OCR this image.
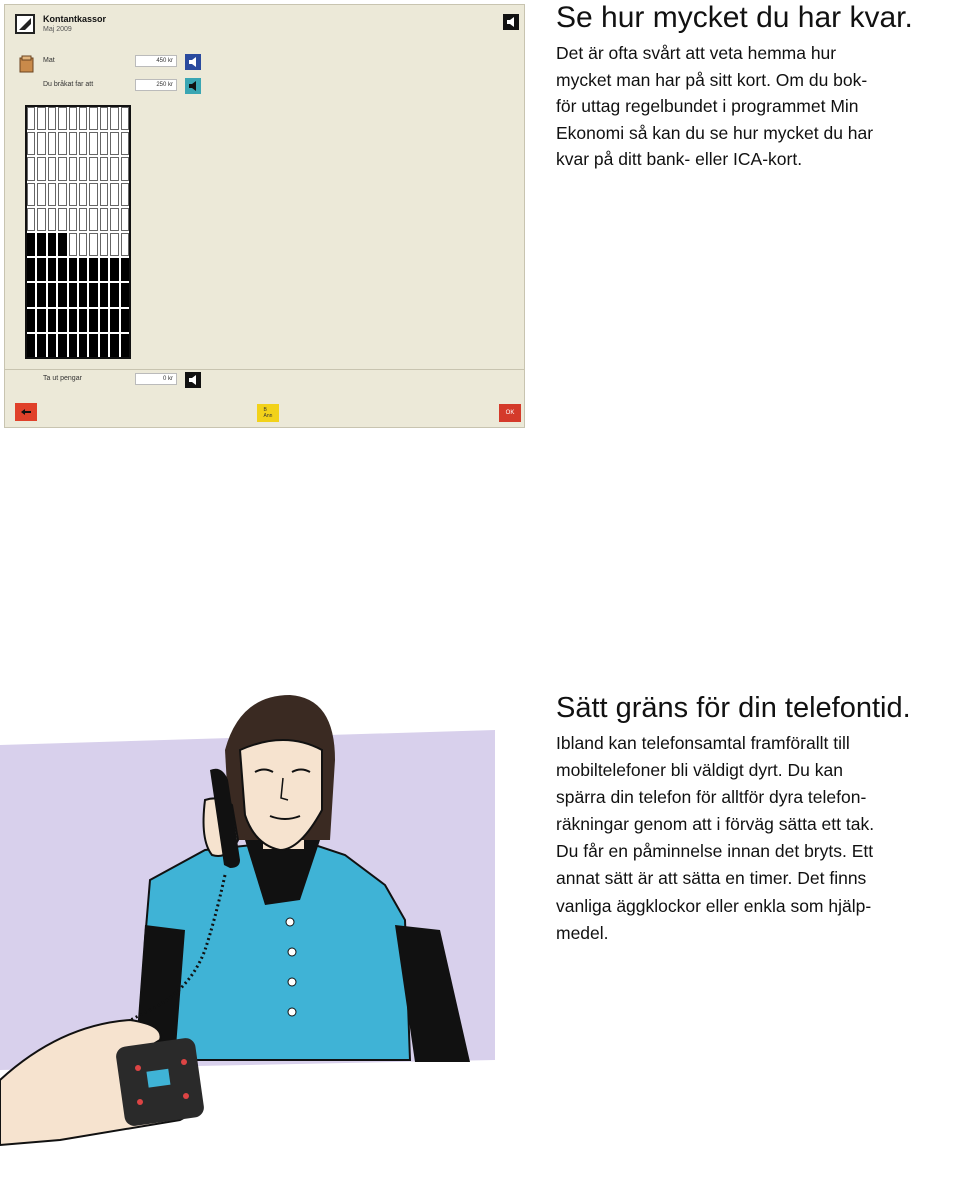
Kontantkassor
Maj 2009
Mat	450 kr
Du bråkat far att	250 kr
Ta ut pengar	0 kr
B
Ann	OK
Se hur mycket du har kvar.

Det är ofta svårt att veta hemma hur
mycket man har på sitt kort. Om du bok-
för uttag regelbundet i programmet Min
Ekonomi så kan du se hur mycket du har
kvar på ditt bank- eller ICA-kort.

Sätt gräns för din telefontid.

Ibland kan telefonsamtal framförallt till
mobiltelefoner bli väldigt dyrt. Du kan
spärra din telefon för alltför dyra telefon-
räkningar genom att i förväg sätta ett tak.
Du får en påminnelse innan det bryts. Ett
annat sätt är att sätta en timer. Det finns
vanliga äggklockor eller enkla som hjälp-
medel.
